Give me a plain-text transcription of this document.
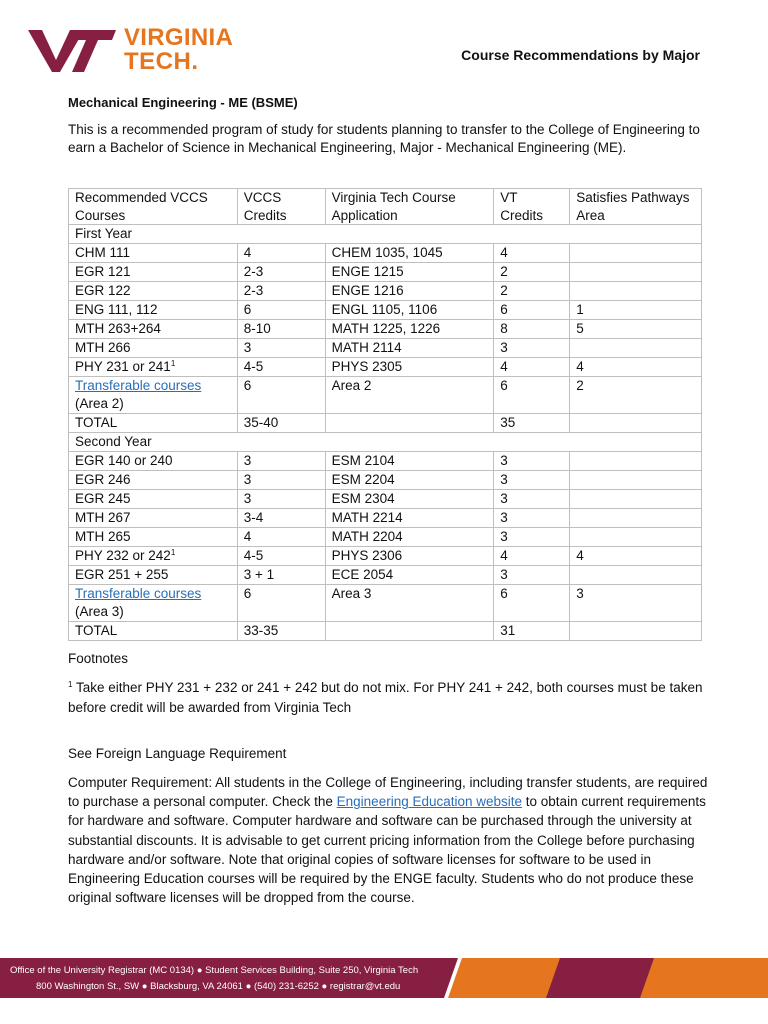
VIRGINIA
TECH.	Course Recommendations by Major
Mechanical Engineering - ME (BSME)
This is a recommended program of study for students planning to transfer to the College of Engineering to earn a Bachelor of Science in Mechanical Engineering, Major - Mechanical Engineering (ME).
Recommended VCCS Courses	VCCS Credits	Virginia Tech Course Application	VT Credits	Satisfies Pathways Area
First Year				
CHM 111	4	CHEM 1035, 1045	4	
EGR 121	2-3	ENGE 1215	2	
EGR 122	2-3	ENGE 1216	2	
ENG 111, 112	6	ENGL 1105, 1106	6	1
MTH 263+264	8-10	MATH 1225, 1226	8	5
MTH 266	3	MATH 2114	3	
PHY 231 or $241^1$	4-5	PHYS 2305	4	4
Transferable courses (Area 2)	6	Area 2	6	2
TOTAL	35-40		35	
Second Year				
EGR 140 or 240	3	ESM 2104	3	
EGR 246	3	ESM 2204	3	
EGR 245	3	ESM 2304	3	
MTH 267	3-4	MATH 2214	3	
MTH 265	4	MATH 2204	3	
PHY 232 or $242^1$	4-5	PHYS 2306	4	4
EGR 251 + 255	3 + 1	ECE 2054	3	
Transferable courses (Area 3)	6	Area 3	6	3
TOTAL	33-35		31	
Footnotes
$^1$ Take either PHY 231 + 232 or 241 + 242 but do not mix. For PHY 241 + 242, both courses must be taken before credit will be awarded from Virginia Tech
See Foreign Language Requirement
Computer Requirement: All students in the College of Engineering, including transfer students, are required to purchase a personal computer. Check the Engineering Education website to obtain current requirements for hardware and software. Computer hardware and software can be purchased through the university at substantial discounts. It is advisable to get current pricing information from the College before purchasing hardware and/or software. Note that original copies of software licenses for software to be used in Engineering Education courses will be required by the ENGE faculty. Students who do not produce these original software licenses will be dropped from the course.
Office of the University Registrar (MC 0134) ● Student Services Building, Suite 250, Virginia Tech
800 Washington St., SW ● Blacksburg, VA 24061 ● (540) 231-6252 ● registrar@vt.edu
